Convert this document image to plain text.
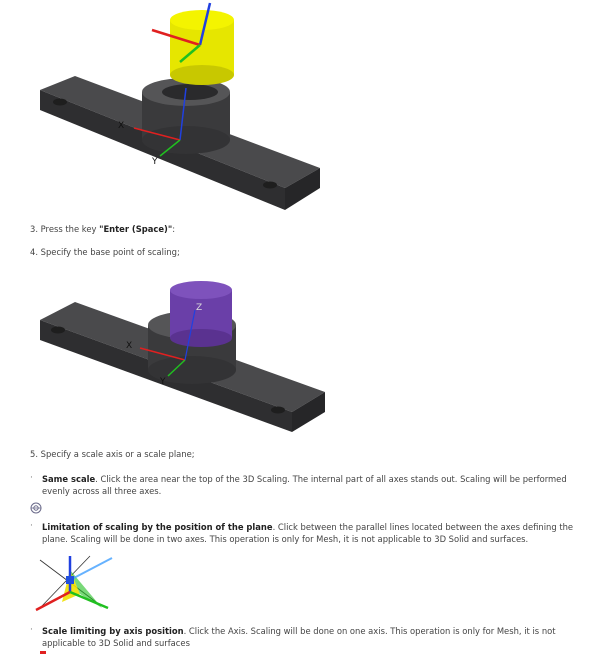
X
Y
3. Press the key "Enter (Space)":
4. Specify the base point of scaling;
X
Y
Z
5. Specify a scale axis or a scale plane;
· Same scale. Click the area near the top of the 3D Scaling. The internal part of all axes stands out. Scaling will be performed evenly across all three axes.
· Limitation of scaling by the position of the plane. Click between the parallel lines located between the axes defining the plane. Scaling will be done in two axes. This operation is only for Mesh, it is not applicable to 3D Solid and surfaces.
· Scale limiting by axis position. Click the Axis. Scaling will be done on one axis. This operation is only for Mesh, it is not applicable to 3D Solid and surfaces
